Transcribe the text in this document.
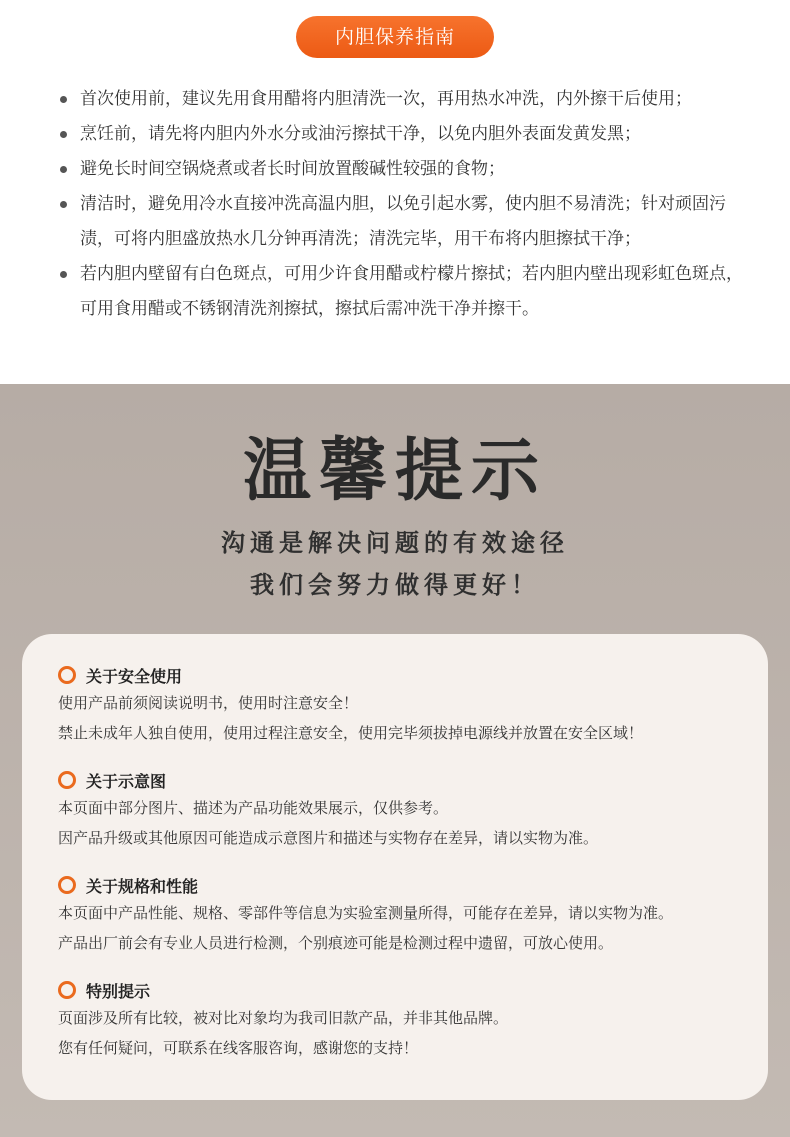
内胆保养指南
首次使用前，建议先用食用醋将内胆清洗一次，再用热水冲洗，内外擦干后使用；
烹饪前，请先将内胆内外水分或油污擦拭干净，以免内胆外表面发黄发黑；
避免长时间空锅烧煮或者长时间放置酸碱性较强的食物；
清洁时，避免用冷水直接冲洗高温内胆，以免引起水雾，使内胆不易清洗；针对顽固污渍，可将内胆盛放热水几分钟再清洗；清洗完毕，用干布将内胆擦拭干净；
若内胆内壁留有白色斑点，可用少许食用醋或柠檬片擦拭；若内胆内壁出现彩虹色斑点，可用食用醋或不锈钢清洗剂擦拭，擦拭后需冲洗干净并擦干。
温馨提示
沟通是解决问题的有效途径
我们会努力做得更好！
关于安全使用
使用产品前须阅读说明书，使用时注意安全！
禁止未成年人独自使用，使用过程注意安全，使用完毕须拔掉电源线并放置在安全区域！
关于示意图
本页面中部分图片、描述为产品功能效果展示，仅供参考。
因产品升级或其他原因可能造成示意图片和描述与实物存在差异，请以实物为准。
关于规格和性能
本页面中产品性能、规格、零部件等信息为实验室测量所得，可能存在差异，请以实物为准。
产品出厂前会有专业人员进行检测，个别痕迹可能是检测过程中遗留，可放心使用。
特别提示
页面涉及所有比较，被对比对象均为我司旧款产品，并非其他品牌。
您有任何疑问，可联系在线客服咨询，感谢您的支持！
